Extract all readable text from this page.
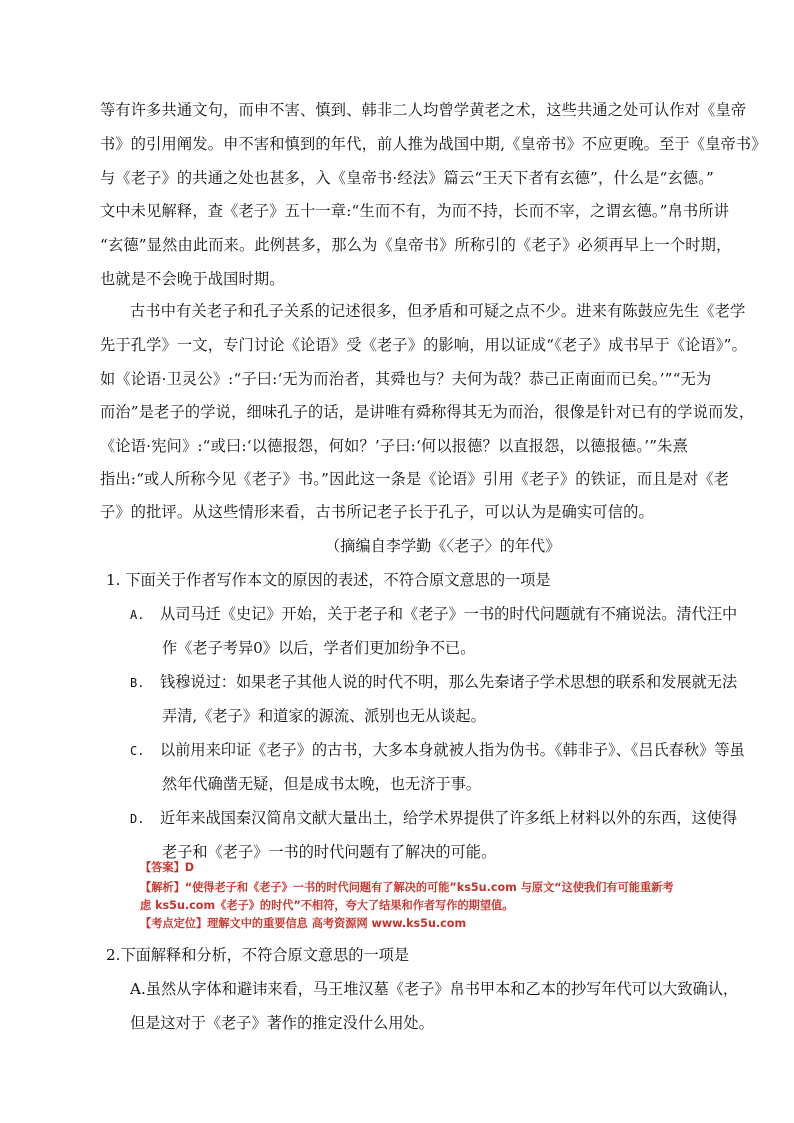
等有许多共通文句，而申不害、慎到、韩非二人均曾学黄老之术，这些共通之处可认作对《皇帝
书》的引用阐发。申不害和慎到的年代，前人推为战国中期,《皇帝书》不应更晚。至于《皇帝书》
与《老子》的共通之处也甚多，入《皇帝书·经法》篇云“王天下者有玄德”，什么是“玄德。”
文中未见解释，查《老子》五十一章:“生而不有，为而不持，长而不宰，之谓玄德。”帛书所讲
“玄德”显然由此而来。此例甚多，那么为《皇帝书》所称引的《老子》必须再早上一个时期，
也就是不会晚于战国时期。
古书中有关老子和孔子关系的记述很多，但矛盾和可疑之点不少。进来有陈鼓应先生《老学
先于孔学》一文，专门讨论《论语》受《老子》的影响，用以证成“《老子》成书早于《论语》”。
如《论语·卫灵公》:“子曰:‘无为而治者，其舜也与？夫何为哉？恭己正南面而已矣。’”“无为
而治”是老子的学说，细味孔子的话，是讲唯有舜称得其无为而治，很像是针对已有的学说而发，
《论语·宪问》:“或曰:‘以德报怨，何如？’子曰:‘何以报德？以直报怨，以德报德。’”朱熹
指出:“或人所称今见《老子》书。”因此这一条是《论语》引用《老子》的铁证，而且是对《老
子》的批评。从这些情形来看，古书所记老子长于孔子，可以认为是确实可信的。
（摘编自李学勤《〈老子〉的年代》
1. 下面关于作者写作本文的原因的表述，不符合原文意思的一项是
A. 从司马迁《史记》开始，关于老子和《老子》一书的时代问题就有不痛说法。清代汪中
作《老子考异0》以后，学者们更加纷争不已。
B. 钱穆说过：如果老子其他人说的时代不明，那么先秦诸子学术思想的联系和发展就无法
弄清,《老子》和道家的源流、派别也无从谈起。
C. 以前用来印证《老子》的古书，大多本身就被人指为伪书。《韩非子》、《吕氏春秋》等虽
然年代确凿无疑，但是成书太晚，也无济于事。
D. 近年来战国秦汉简帛文献大量出土，给学术界提供了许多纸上材料以外的东西，这使得
老子和《老子》一书的时代问题有了解决的可能。
【答案】D
【解析】“使得老子和《老子》一书的时代问题有了解决的可能”ks5u.com 与原文“这使我们有可能重新考
虑 ks5u.com《老子》的时代”不相符，夸大了结果和作者写作的期望值。
【考点定位】理解文中的重要信息 高考资源网 www.ks5u.com
2.下面解释和分析，不符合原文意思的一项是
A.虽然从字体和避讳来看，马王堆汉墓《老子》帛书甲本和乙本的抄写年代可以大致确认，
但是这对于《老子》著作的推定没什么用处。
